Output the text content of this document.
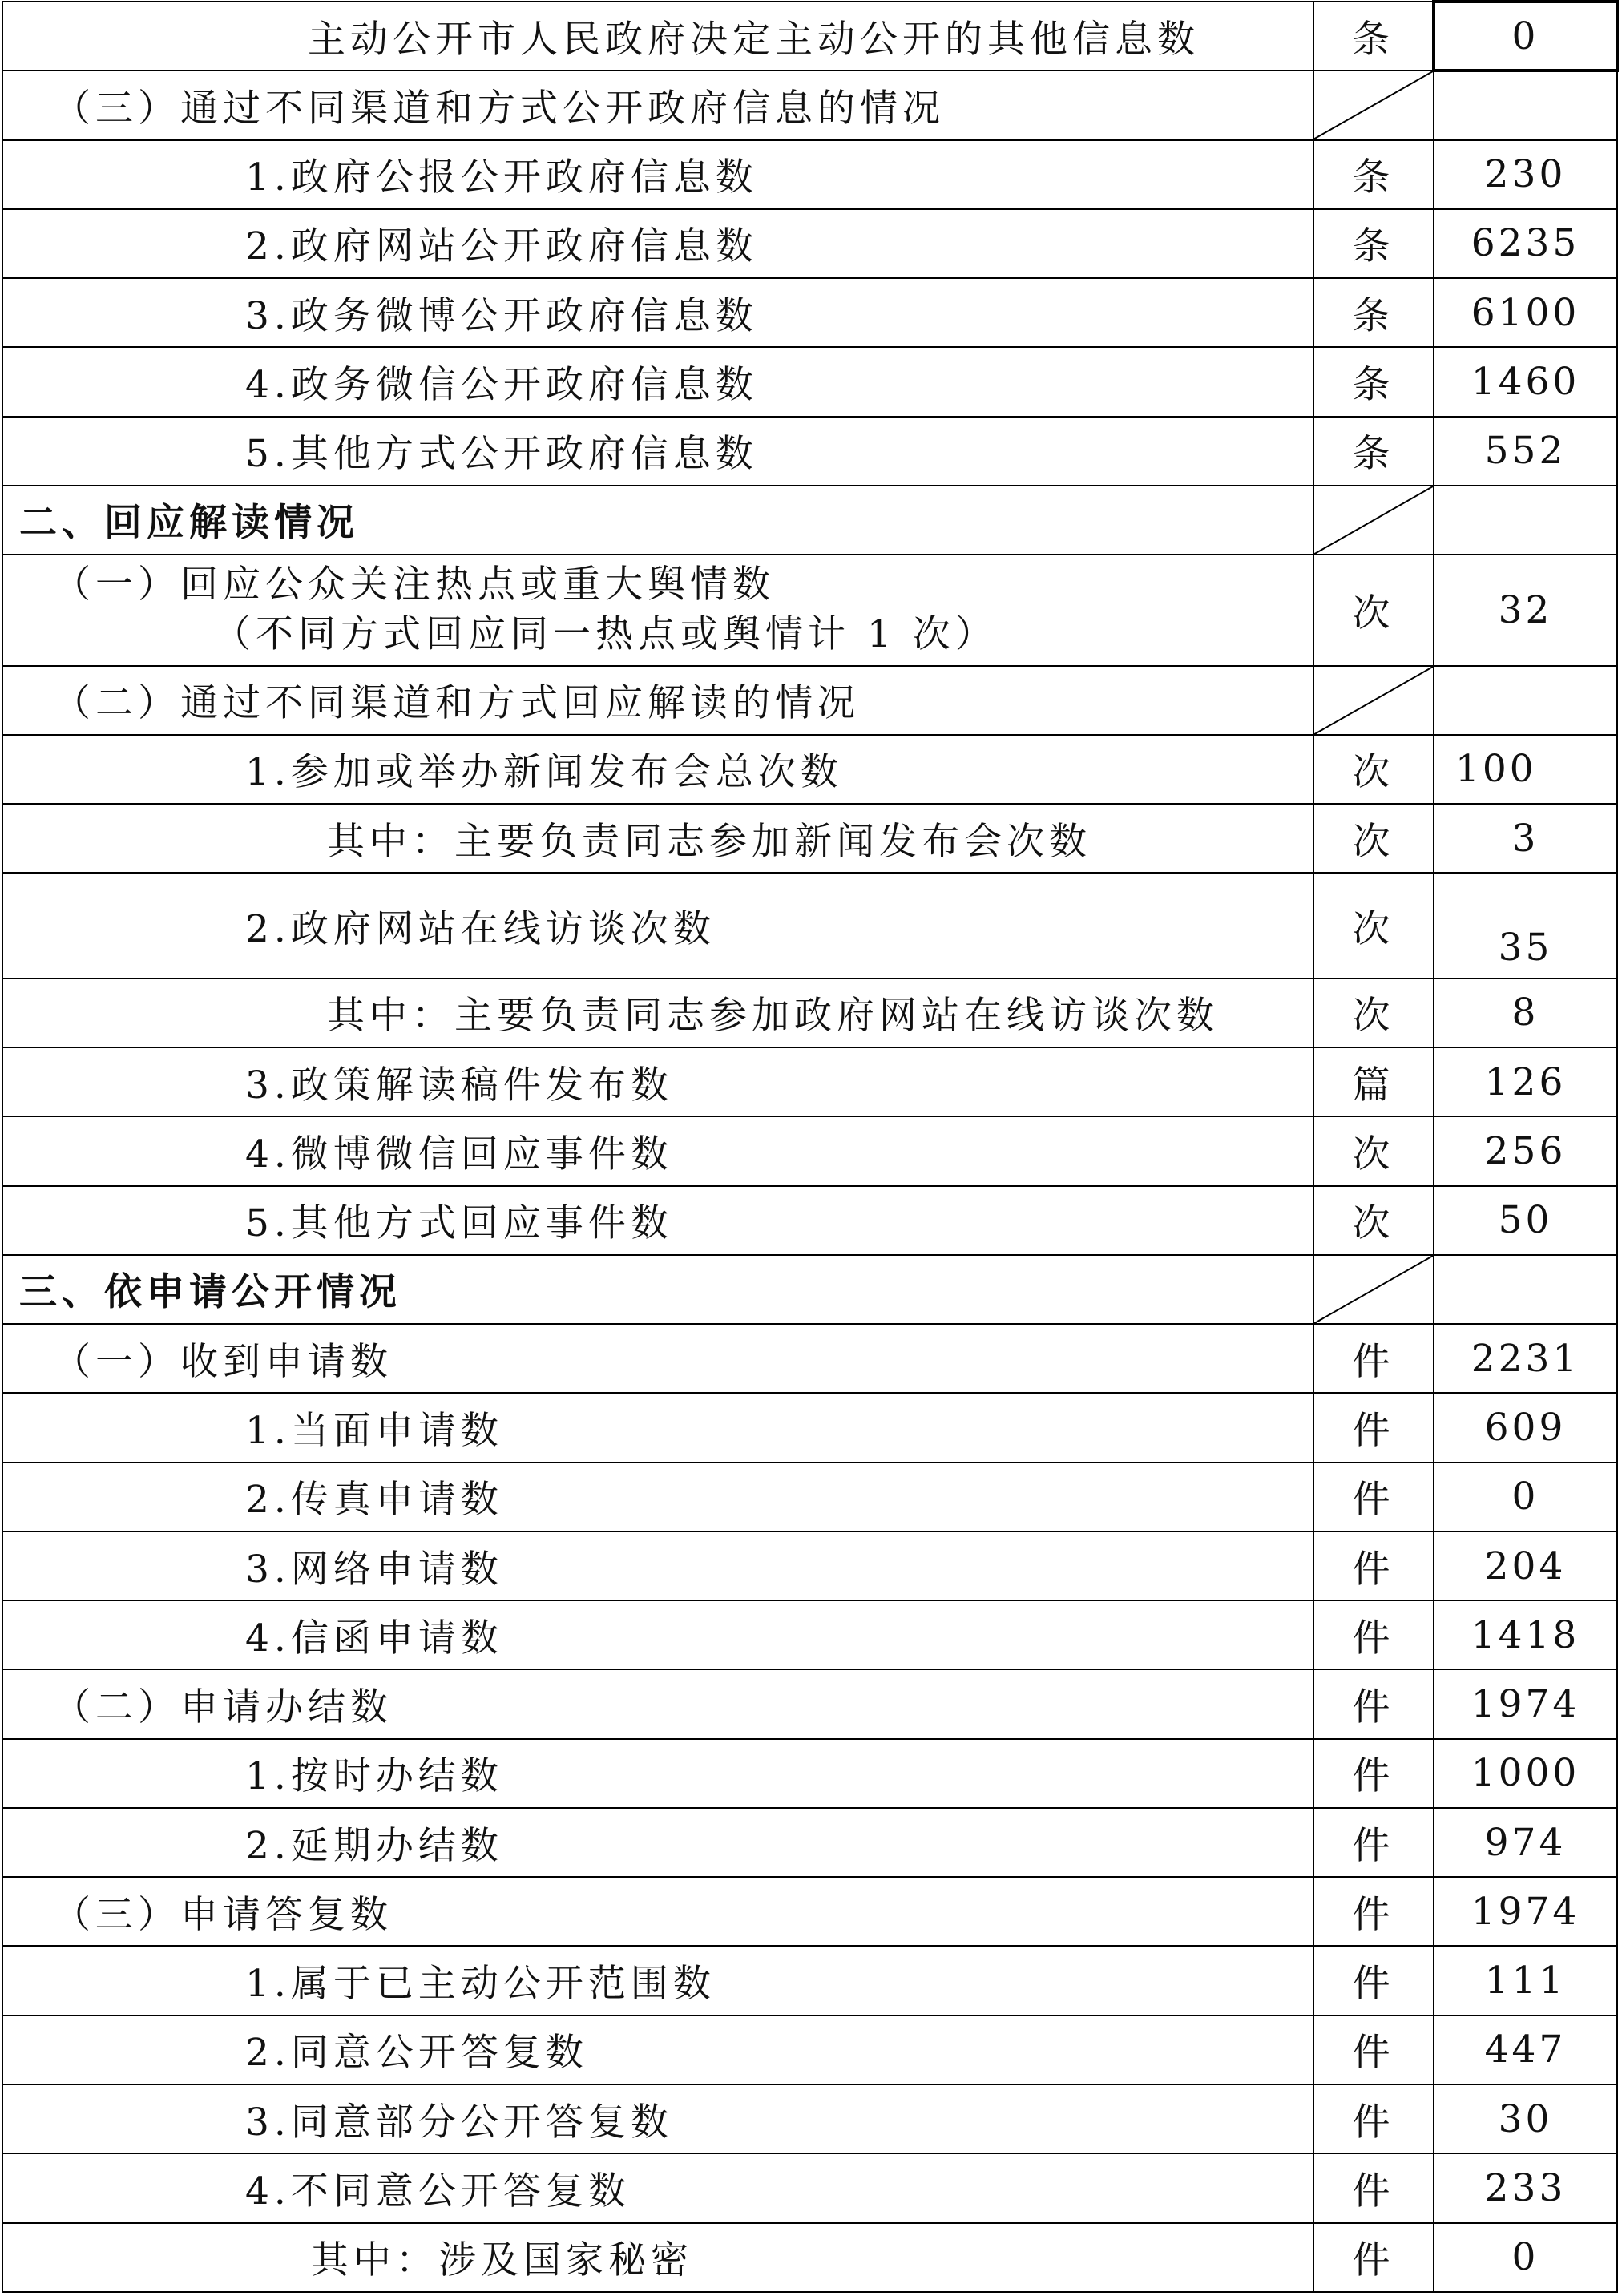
主动公开市人民政府决定主动公开的其他信息数	条	0
（三）通过不同渠道和方式公开政府信息的情况	

1.政府公报公开政府信息数	条	230
2.政府网站公开政府信息数	条	6235
3.政务微博公开政府信息数	条	6100
4.政务微信公开政府信息数	条	1460
5.其他方式公开政府信息数	条	552
二、回应解读情况	

（一）回应公众关注热点或重大舆情数
（不同方式回应同一热点或舆情计 1 次）	次	32
（二）通过不同渠道和方式回应解读的情况	

1.参加或举办新闻发布会总次数	次	100
其中：主要负责同志参加新闻发布会次数	次	3
2.政府网站在线访谈次数	次	35
其中：主要负责同志参加政府网站在线访谈次数	次	8
3.政策解读稿件发布数	篇	126
4.微博微信回应事件数	次	256
5.其他方式回应事件数	次	50
三、依申请公开情况	

（一）收到申请数	件	2231
1.当面申请数	件	609
2.传真申请数	件	0
3.网络申请数	件	204
4.信函申请数	件	1418
（二）申请办结数	件	1974
1.按时办结数	件	1000
2.延期办结数	件	974
（三）申请答复数	件	1974
1.属于已主动公开范围数	件	111
2.同意公开答复数	件	447
3.同意部分公开答复数	件	30
4.不同意公开答复数	件	233
其中：涉及国家秘密	件	0
